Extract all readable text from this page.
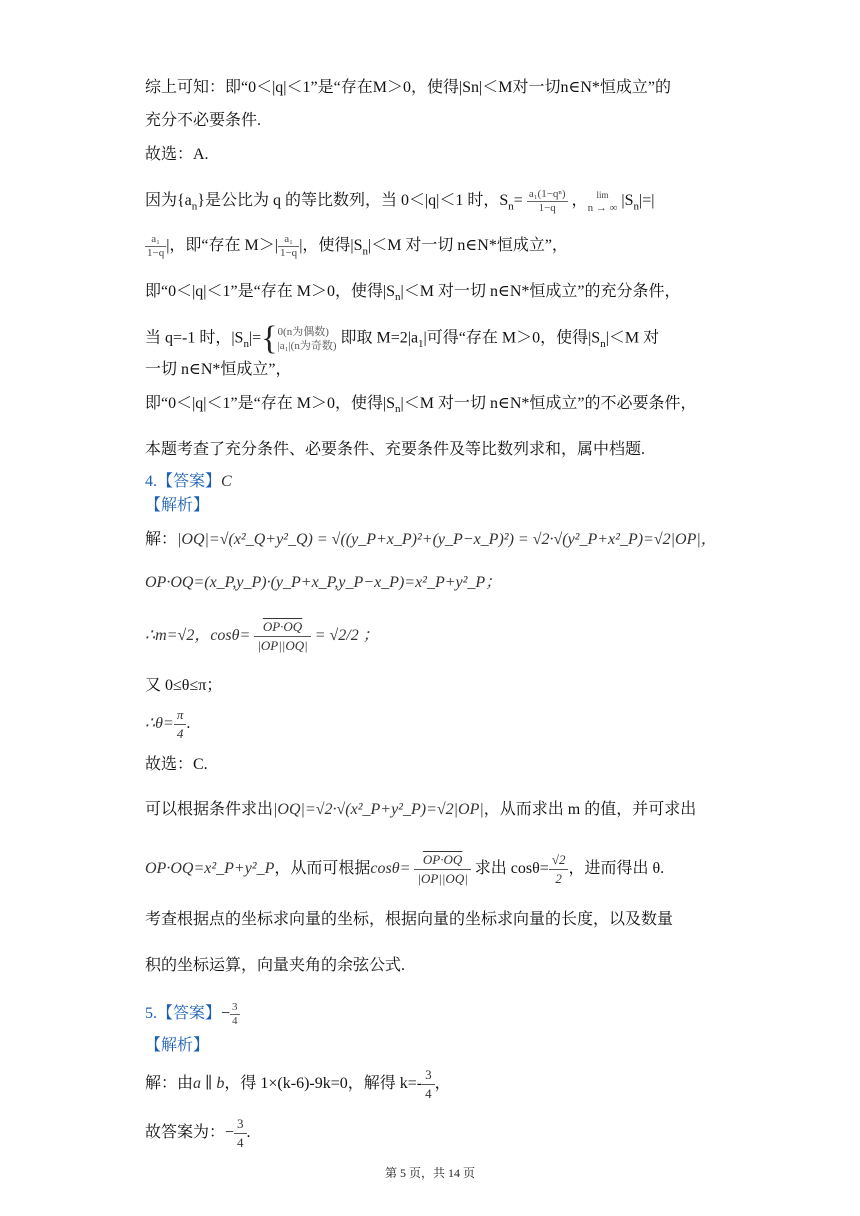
综上可知：即“0＜|q|＜1”是“存在M＞0，使得|Sn|＜M对一切n∈N*恒成立”的
充分不必要条件.
故选：A.
因为$\{a_n\}$是公比为 q 的等比数列，当 0＜|q|＜1 时，$S_n= \frac{\text{a₁(1−qⁿ)}}{1-q}$ ， lim
n → ∞ $|S_n|=|$
$\frac{\text{a₁}}{1-q}$ |，即“存在 $M>| \frac{\text{a₁}}{1-q}$ |，使得$|S_n|<M$ 对一切 n∈N*恒成立”，
即“0＜|q|＜1”是“存在 M＞0，使得$|S_n|<M$ 对一切 n∈N*恒成立”的充分条件，
当 q=-1 时，$|S_n|=${ 0(n为偶数)
|a₁|(n为奇数) 即取 $M=2|a_1|$可得“存在 M＞0，使得$|S_n|<M$ 对
一切 n∈N*恒成立”，
即“0＜|q|＜1”是“存在 M＞0，使得$|S_n|<M$ 对一切 n∈N*恒成立”的不必要条件，
本题考查了充分条件、必要条件、充要条件及等比数列求和，属中档题.
4.【答案】C
【解析】
解：|OQ|=√(x²_Q+y²_Q) = √((y_P+x_P)²+(y_P−x_P)²) = √2·√(y²_P+x²_P)=√2|OP|，
OP·OQ=(x_P,y_P)·(y_P+x_P,y_P−x_P)=x²_P+y²_P；
∴m=√2，$\cos\theta= \frac{OP\cdot OQ}{|OP||OQ|} = √2/2$ ；
又 0≤θ≤π；
∴θ= $\frac{\pi}{4}$ .
故选：C.
可以根据条件求出|OQ|=√2·√(x²_P+y²_P)=√2|OP|，从而求出 m 的值，并可求出
OP·OQ=x²_P+y²_P，从而可根据$\cos\theta= \frac{OP\cdot OQ}{|OP||OQ|}$ 求出 $\cos\theta= \frac{√2}{2}$ ，进而得出 θ.
考查根据点的坐标求向量的坐标，根据向量的坐标求向量的长度，以及数量
积的坐标运算，向量夹角的余弦公式.
5.【答案】− $\frac{3}{4}$
【解析】
解：由a ∥ b，得 1×(k-6)-9k=0，解得 $k=- \frac{3}{4}$ ，
故答案为：− $\frac{3}{4}$ .
第 5 页，共 14 页
